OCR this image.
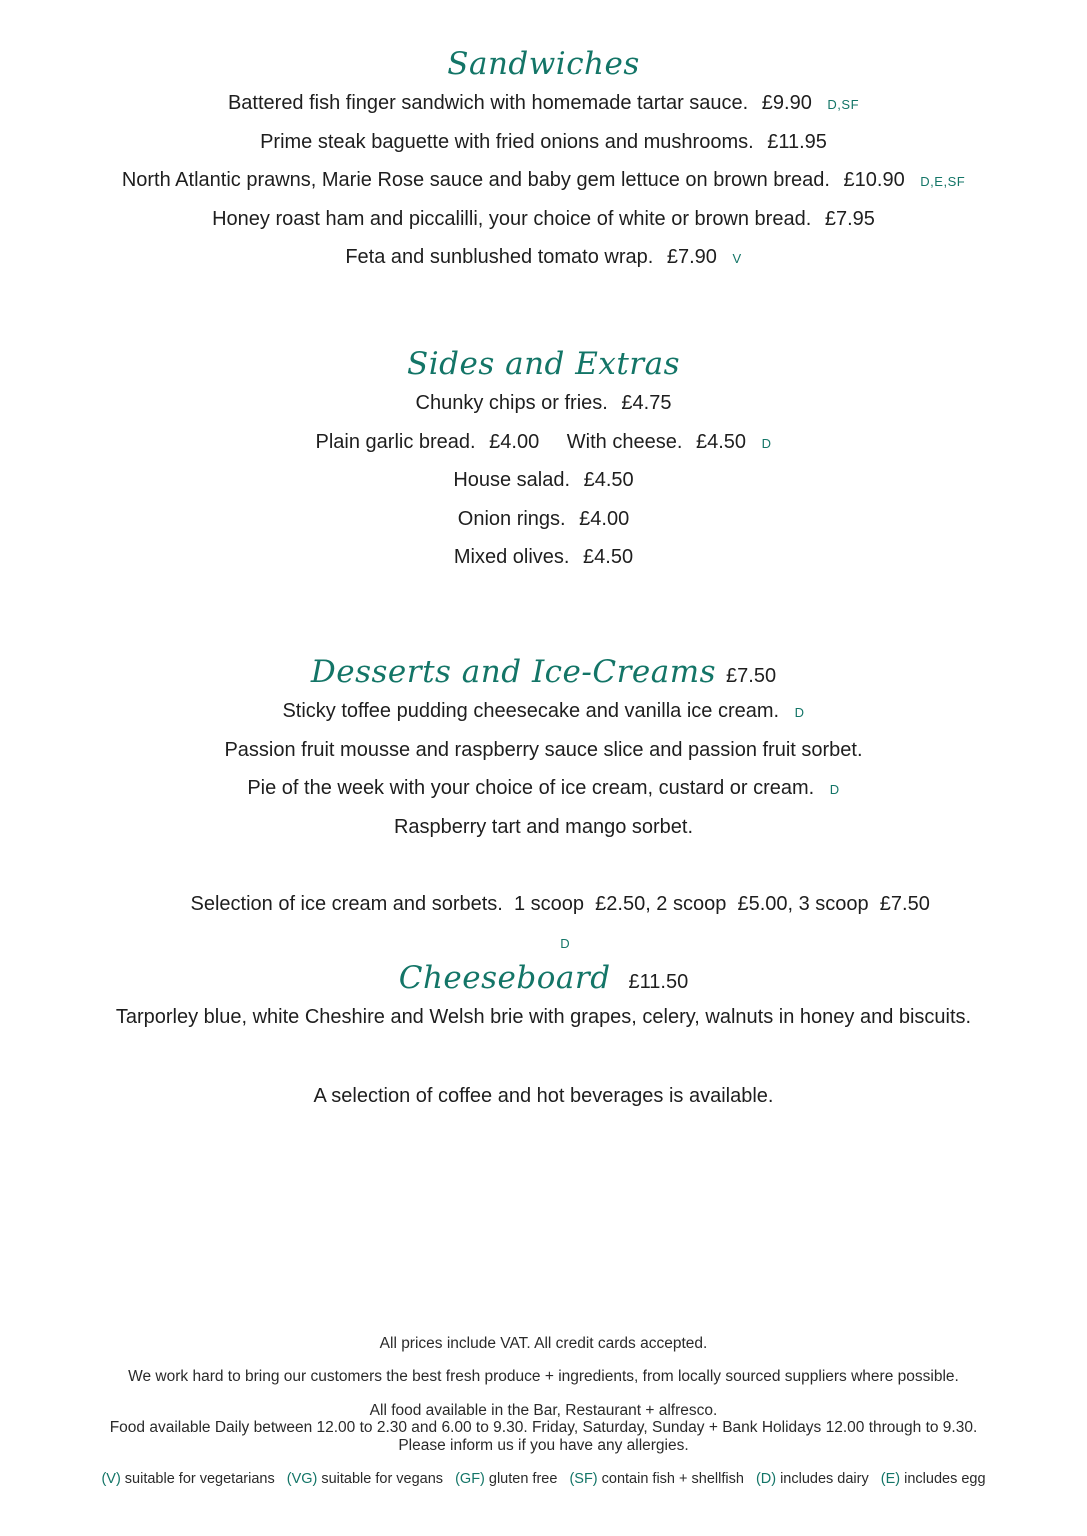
Sandwiches
Battered fish finger sandwich with homemade tartar sauce. £9.90 D,SF
Prime steak baguette with fried onions and mushrooms. £11.95
North Atlantic prawns, Marie Rose sauce and baby gem lettuce on brown bread. £10.90 D,E,SF
Honey roast ham and piccalilli, your choice of white or brown bread. £7.95
Feta and sunblushed tomato wrap. £7.90 V
Sides and Extras
Chunky chips or fries. £4.75
Plain garlic bread. £4.00 With cheese. £4.50 D
House salad. £4.50
Onion rings. £4.00
Mixed olives. £4.50
Desserts and Ice-Creams £7.50
Sticky toffee pudding cheesecake and vanilla ice cream. D
Passion fruit mousse and raspberry sauce slice and passion fruit sorbet.
Pie of the week with your choice of ice cream, custard or cream. D
Raspberry tart and mango sorbet.

Selection of ice cream and sorbets.  1 scoop  £2.50, 2 scoop  £5.00, 3 scoop  £7.50
D

Cheeseboard £11.50
Tarporley blue, white Cheshire and Welsh brie with grapes, celery, walnuts in honey and biscuits.
A selection of coffee and hot beverages is available.
All prices include VAT. All credit cards accepted.
We work hard to bring our customers the best fresh produce + ingredients, from locally sourced suppliers where possible.
All food available in the Bar, Restaurant + alfresco.
Food available Daily between 12.00 to 2.30 and 6.00 to 9.30. Friday, Saturday, Sunday + Bank Holidays 12.00 through to 9.30.
Please inform us if you have any allergies.
(V) suitable for vegetarians (VG) suitable for vegans (GF) gluten free (SF) contain fish + shellfish (D) includes dairy (E) includes egg
